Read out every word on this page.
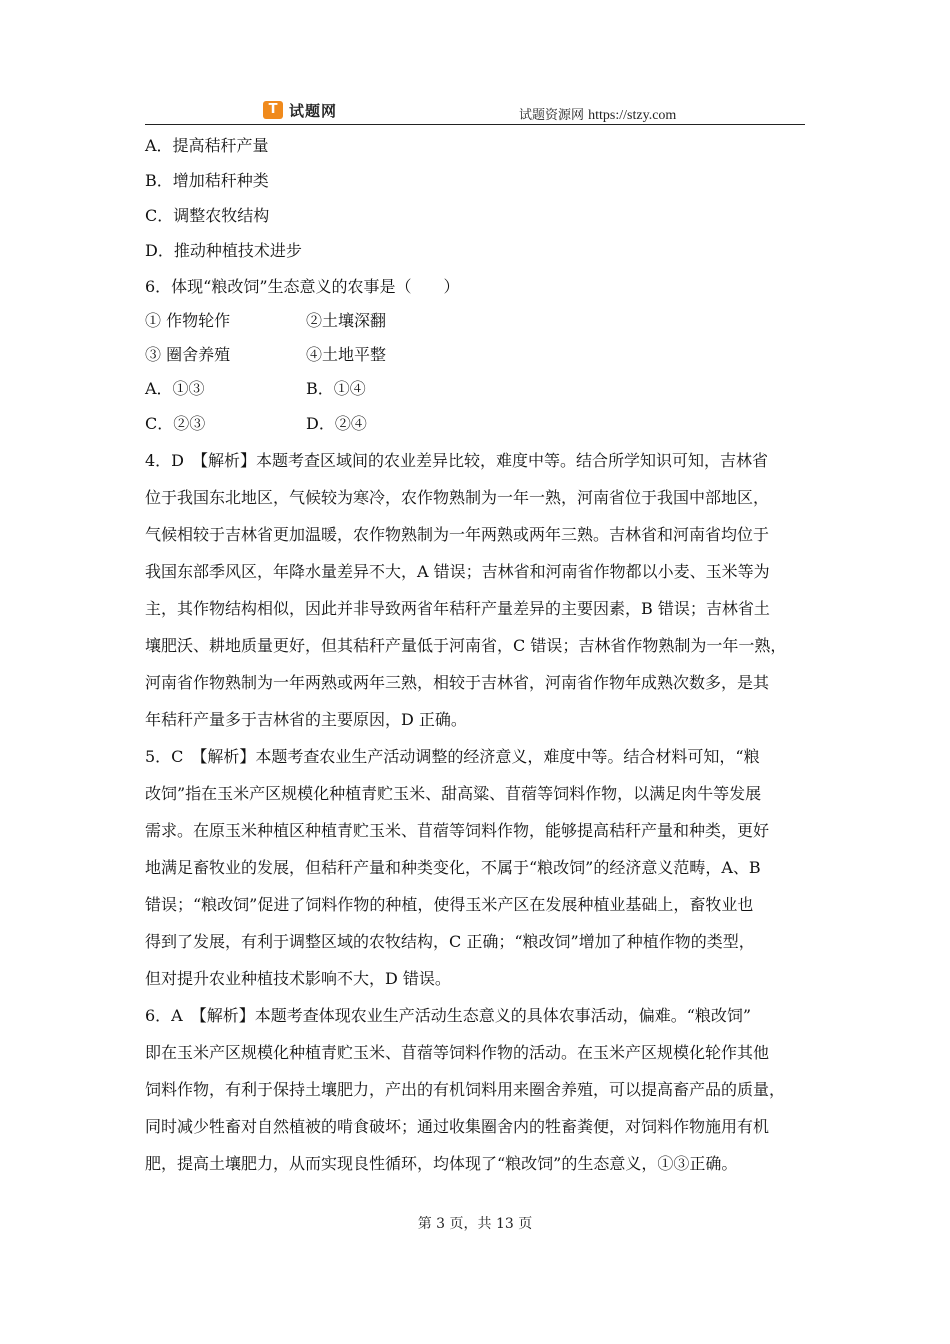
T 试题网	试题资源网 https://stzy.com
A．提高秸秆产量
B．增加秸秆种类
C．调整农牧结构
D．推动种植技术进步
6．体现“粮改饲”生态意义的农事是（　　）
① 作物轮作	②土壤深翻
③ 圈舍养殖	④土地平整
A．①③	B．①④
C．②③	D．②④
4．D　【解析】本题考查区域间的农业差异比较，难度中等。结合所学知识可知，吉林省
位于我国东北地区，气候较为寒冷，农作物熟制为一年一熟，河南省位于我国中部地区，
气候相较于吉林省更加温暖，农作物熟制为一年两熟或两年三熟。吉林省和河南省均位于
我国东部季风区，年降水量差异不大，A 错误；吉林省和河南省作物都以小麦、玉米等为
主，其作物结构相似，因此并非导致两省年秸秆产量差异的主要因素，B 错误；吉林省土
壤肥沃、耕地质量更好，但其秸秆产量低于河南省，C 错误；吉林省作物熟制为一年一熟，
河南省作物熟制为一年两熟或两年三熟，相较于吉林省，河南省作物年成熟次数多，是其
年秸秆产量多于吉林省的主要原因，D 正确。
5．C　【解析】本题考查农业生产活动调整的经济意义，难度中等。结合材料可知，“粮
改饲”指在玉米产区规模化种植青贮玉米、甜高粱、苜蓿等饲料作物，以满足肉牛等发展
需求。在原玉米种植区种植青贮玉米、苜蓿等饲料作物，能够提高秸秆产量和种类，更好
地满足畜牧业的发展，但秸秆产量和种类变化，不属于“粮改饲”的经济意义范畴，A、B
错误；“粮改饲”促进了饲料作物的种植，使得玉米产区在发展种植业基础上，畜牧业也
得到了发展，有利于调整区域的农牧结构，C 正确；“粮改饲”增加了种植作物的类型，
但对提升农业种植技术影响不大，D 错误。
6．A　【解析】本题考查体现农业生产活动生态意义的具体农事活动，偏难。“粮改饲”
即在玉米产区规模化种植青贮玉米、苜蓿等饲料作物的活动。在玉米产区规模化轮作其他
饲料作物，有利于保持土壤肥力，产出的有机饲料用来圈舍养殖，可以提高畜产品的质量，
同时减少牲畜对自然植被的啃食破坏；通过收集圈舍内的牲畜粪便，对饲料作物施用有机
肥，提高土壤肥力，从而实现良性循环，均体现了“粮改饲”的生态意义，①③正确。
第 3 页，共 13 页
